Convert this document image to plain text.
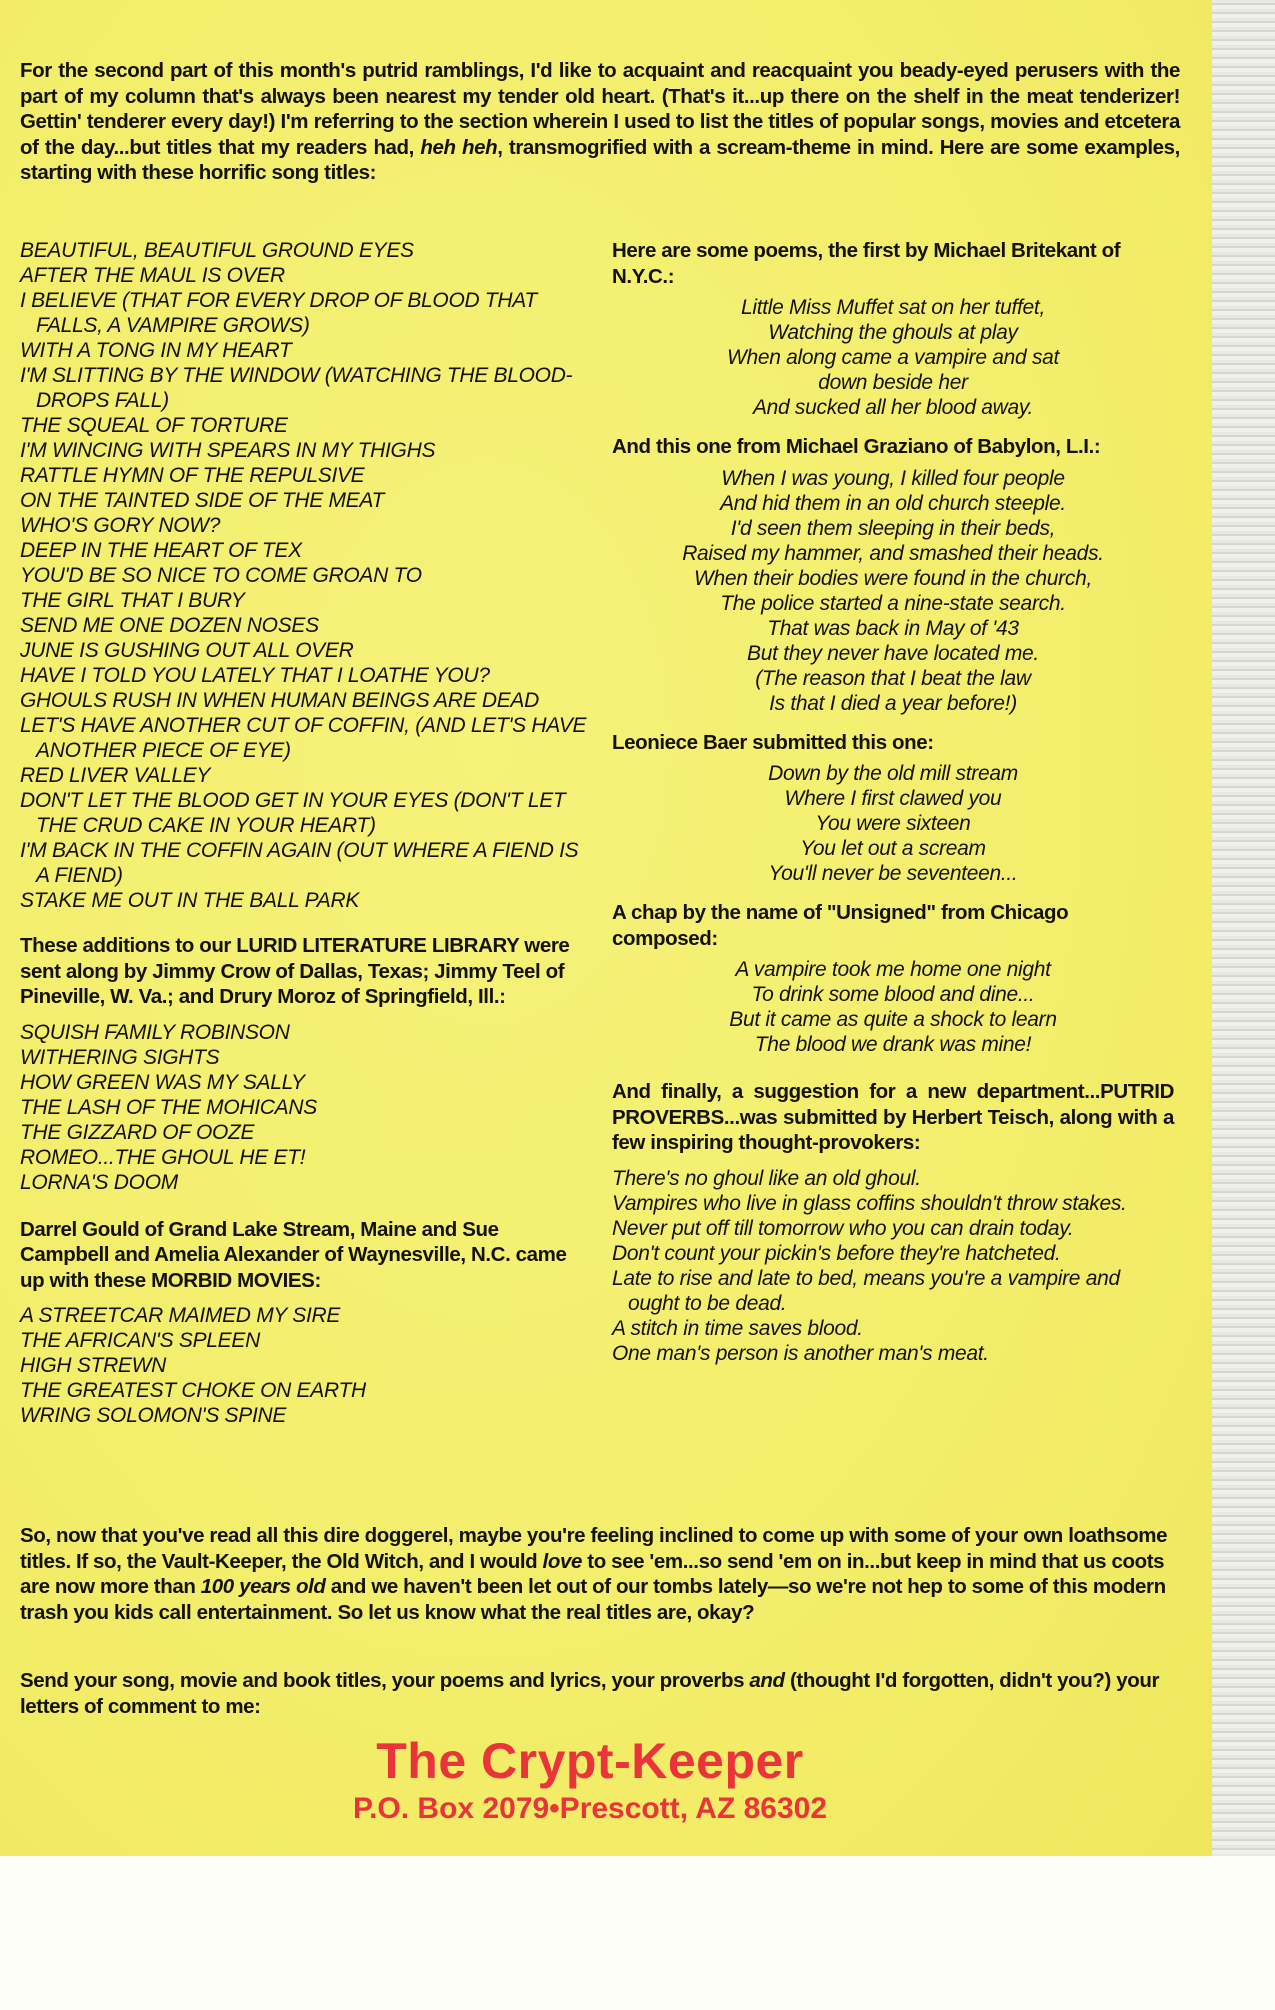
For the second part of this month's putrid ramblings, I'd like to acquaint and reacquaint you beady-eyed perusers with the part of my column that's always been nearest my tender old heart. (That's it...up there on the shelf in the meat tenderizer! Gettin' tenderer every day!) I'm referring to the section wherein I used to list the titles of popular songs, movies and etcetera of the day...but titles that my readers had, heh heh, transmogrified with a scream-theme in mind. Here are some examples, starting with these horrific song titles:
BEAUTIFUL, BEAUTIFUL GROUND EYES
AFTER THE MAUL IS OVER
I BELIEVE (THAT FOR EVERY DROP OF BLOOD THAT FALLS, A VAMPIRE GROWS)
WITH A TONG IN MY HEART
I'M SLITTING BY THE WINDOW (WATCHING THE BLOOD-DROPS FALL)
THE SQUEAL OF TORTURE
I'M WINCING WITH SPEARS IN MY THIGHS
RATTLE HYMN OF THE REPULSIVE
ON THE TAINTED SIDE OF THE MEAT
WHO'S GORY NOW?
DEEP IN THE HEART OF TEX
YOU'D BE SO NICE TO COME GROAN TO
THE GIRL THAT I BURY
SEND ME ONE DOZEN NOSES
JUNE IS GUSHING OUT ALL OVER
HAVE I TOLD YOU LATELY THAT I LOATHE YOU?
GHOULS RUSH IN WHEN HUMAN BEINGS ARE DEAD
LET'S HAVE ANOTHER CUT OF COFFIN, (AND LET'S HAVE ANOTHER PIECE OF EYE)
RED LIVER VALLEY
DON'T LET THE BLOOD GET IN YOUR EYES (DON'T LET THE CRUD CAKE IN YOUR HEART)
I'M BACK IN THE COFFIN AGAIN (OUT WHERE A FIEND IS A FIEND)
STAKE ME OUT IN THE BALL PARK
These additions to our LURID LITERATURE LIBRARY were sent along by Jimmy Crow of Dallas, Texas; Jimmy Teel of Pineville, W. Va.; and Drury Moroz of Springfield, Ill.:
SQUISH FAMILY ROBINSON
WITHERING SIGHTS
HOW GREEN WAS MY SALLY
THE LASH OF THE MOHICANS
THE GIZZARD OF OOZE
ROMEO...THE GHOUL HE ET!
LORNA'S DOOM
Darrel Gould of Grand Lake Stream, Maine and Sue Campbell and Amelia Alexander of Waynesville, N.C. came up with these MORBID MOVIES:
A STREETCAR MAIMED MY SIRE
THE AFRICAN'S SPLEEN
HIGH STREWN
THE GREATEST CHOKE ON EARTH
WRING SOLOMON'S SPINE
Here are some poems, the first by Michael Britekant of N.Y.C.:
Little Miss Muffet sat on her tuffet,
Watching the ghouls at play
When along came a vampire and sat
down beside her
And sucked all her blood away.
And this one from Michael Graziano of Babylon, L.I.:
When I was young, I killed four people
And hid them in an old church steeple.
I'd seen them sleeping in their beds,
Raised my hammer, and smashed their heads.
When their bodies were found in the church,
The police started a nine-state search.
That was back in May of '43
But they never have located me.
(The reason that I beat the law
Is that I died a year before!)
Leoniece Baer submitted this one:
Down by the old mill stream
Where I first clawed you
You were sixteen
You let out a scream
You'll never be seventeen...
A chap by the name of "Unsigned" from Chicago composed:
A vampire took me home one night
To drink some blood and dine...
But it came as quite a shock to learn
The blood we drank was mine!
And finally, a suggestion for a new department...PUTRID PROVERBS...was submitted by Herbert Teisch, along with a few inspiring thought-provokers:
There's no ghoul like an old ghoul.
Vampires who live in glass coffins shouldn't throw stakes.
Never put off till tomorrow who you can drain today.
Don't count your pickin's before they're hatcheted.
Late to rise and late to bed, means you're a vampire and ought to be dead.
A stitch in time saves blood.
One man's person is another man's meat.
So, now that you've read all this dire doggerel, maybe you're feeling inclined to come up with some of your own loathsome titles. If so, the Vault-Keeper, the Old Witch, and I would love to see 'em...so send 'em on in...but keep in mind that us coots are now more than 100 years old and we haven't been let out of our tombs lately—so we're not hep to some of this modern trash you kids call entertainment. So let us know what the real titles are, okay?
Send your song, movie and book titles, your poems and lyrics, your proverbs and (thought I'd forgotten, didn't you?) your letters of comment to me:
The Crypt-Keeper
P.O. Box 2079•Prescott, AZ 86302
